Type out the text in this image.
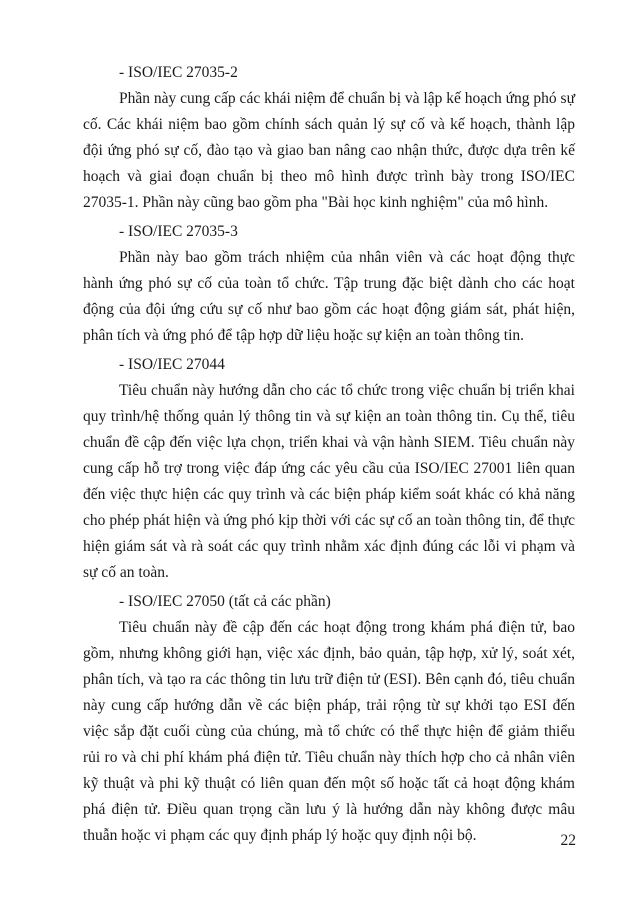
- ISO/IEC 27035-2

Phần này cung cấp các khái niệm để chuẩn bị và lập kế hoạch ứng phó sự cố. Các khái niệm bao gồm chính sách quản lý sự cố và kế hoạch, thành lập đội ứng phó sự cố, đào tạo và giao ban nâng cao nhận thức, được dựa trên kế hoạch và giai đoạn chuẩn bị theo mô hình được trình bày trong ISO/IEC 27035-1. Phần này cũng bao gồm pha "Bài học kinh nghiệm" của mô hình.

- ISO/IEC 27035-3

Phần này bao gồm trách nhiệm của nhân viên và các hoạt động thực hành ứng phó sự cố của toàn tổ chức. Tập trung đặc biệt dành cho các hoạt động của đội ứng cứu sự cố như bao gồm các hoạt động giám sát, phát hiện, phân tích và ứng phó để tập hợp dữ liệu hoặc sự kiện an toàn thông tin.

- ISO/IEC 27044

Tiêu chuẩn này hướng dẫn cho các tổ chức trong việc chuẩn bị triển khai quy trình/hệ thống quản lý thông tin và sự kiện an toàn thông tin. Cụ thể, tiêu chuẩn đề cập đến việc lựa chọn, triển khai và vận hành SIEM. Tiêu chuẩn này cung cấp hỗ trợ trong việc đáp ứng các yêu cầu của ISO/IEC 27001 liên quan đến việc thực hiện các quy trình và các biện pháp kiểm soát khác có khả năng cho phép phát hiện và ứng phó kịp thời với các sự cố an toàn thông tin, để thực hiện giám sát và rà soát các quy trình nhằm xác định đúng các lỗi vi phạm và sự cố an toàn.

- ISO/IEC 27050 (tất cả các phần)

Tiêu chuẩn này đề cập đến các hoạt động trong khám phá điện tử, bao gồm, nhưng không giới hạn, việc xác định, bảo quản, tập hợp, xử lý, soát xét, phân tích, và tạo ra các thông tin lưu trữ điện tử (ESI). Bên cạnh đó, tiêu chuẩn này cung cấp hướng dẫn về các biện pháp, trải rộng từ sự khởi tạo ESI đến việc sắp đặt cuối cùng của chúng, mà tổ chức có thể thực hiện để giảm thiểu rủi ro và chi phí khám phá điện tử. Tiêu chuẩn này thích hợp cho cả nhân viên kỹ thuật và phi kỹ thuật có liên quan đến một số hoặc tất cả hoạt động khám phá điện tử. Điều quan trọng cần lưu ý là hướng dẫn này không được mâu thuẫn hoặc vi phạm các quy định pháp lý hoặc quy định nội bộ.	22
